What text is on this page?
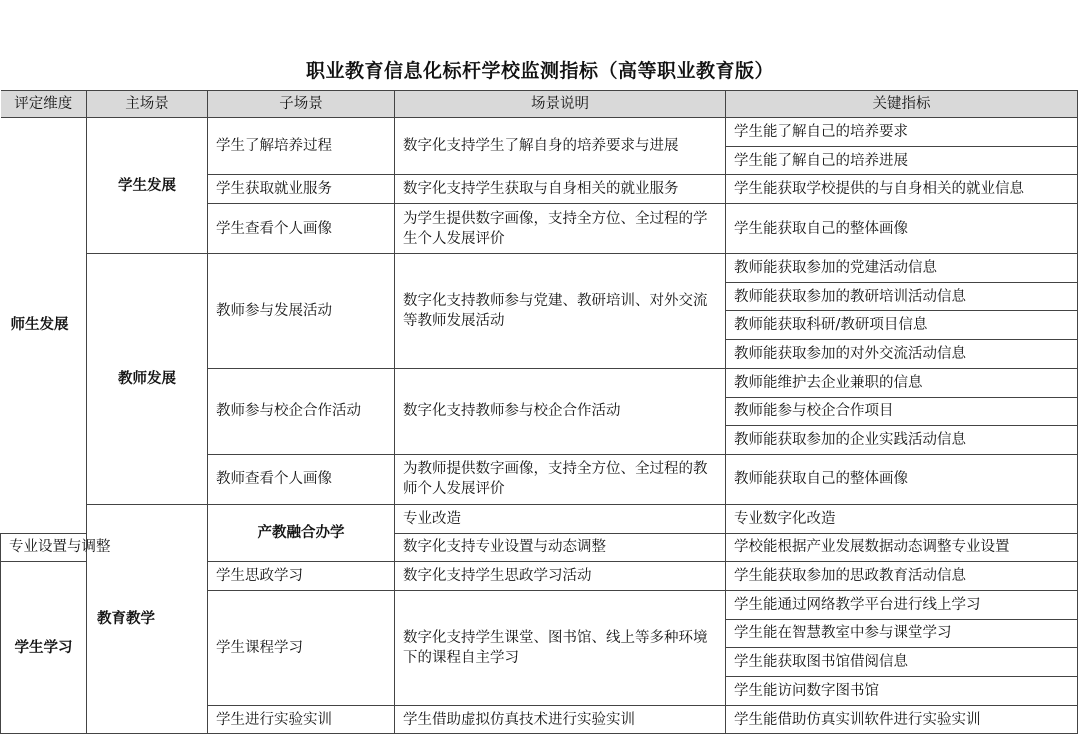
职业教育信息化标杆学校监测指标（高等职业教育版）
评定维度	主场景	子场景	场景说明	关键指标	
师生发展	学生发展	学生了解培养过程	数字化支持学生了解自身的培养要求与进展	学生能了解自己的培养要求	
				学生能了解自己的培养进展	
		学生获取就业服务	数字化支持学生获取与自身相关的就业服务	学生能获取学校提供的与自身相关的就业信息	
		学生查看个人画像	为学生提供数字画像，支持全方位、全过程的学生个人发展评价	学生能获取自己的整体画像	
	教师发展	教师参与发展活动	数字化支持教师参与党建、教研培训、对外交流等教师发展活动	教师能获取参加的党建活动信息	
				教师能获取参加的教研培训活动信息	
				教师能获取科研/教研项目信息	
				教师能获取参加的对外交流活动信息	
		教师参与校企合作活动	数字化支持教师参与校企合作活动	教师能维护去企业兼职的信息	
				教师能参与校企合作项目	
				教师能获取参加的企业实践活动信息	
		教师查看个人画像	为教师提供数字画像，支持全方位、全过程的教师个人发展评价	教师能获取自己的整体画像	
	教育教学	产教融合办学	专业改造	专业数字化改造	
专业设置与调整			数字化支持专业设置与动态调整	学校能根据产业发展数据动态调整专业设置	
学生学习		学生思政学习	数字化支持学生思政学习活动	学生能获取参加的思政教育活动信息	
		学生课程学习	数字化支持学生课堂、图书馆、线上等多种环境下的课程自主学习	学生能通过网络教学平台进行线上学习	
				学生能在智慧教室中参与课堂学习	
				学生能获取图书馆借阅信息	
				学生能访问数字图书馆	
		学生进行实验实训	学生借助虚拟仿真技术进行实验实训	学生能借助仿真实训软件进行实验实训	
